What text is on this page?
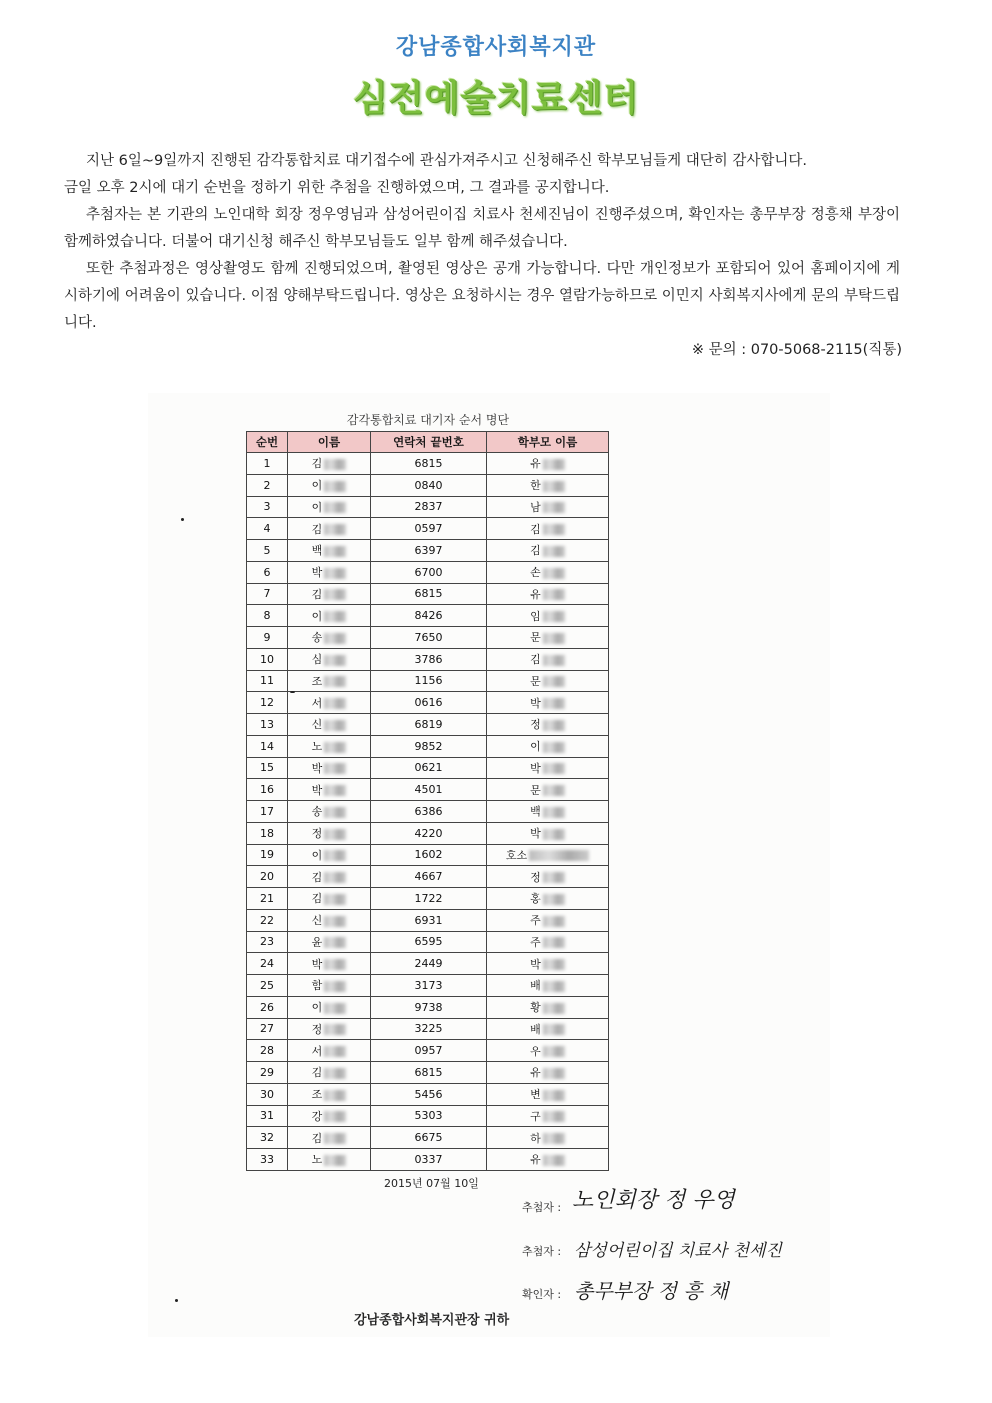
강남종합사회복지관
심전예술치료센터

지난 6일~9일까지 진행된 감각통합치료 대기접수에 관심가져주시고 신청해주신 학부모님들게 대단히 감사합니다.

금일 오후 2시에 대기 순번을 정하기 위한 추첨을 진행하였으며, 그 결과를 공지합니다.

추첨자는 본 기관의 노인대학 회장 정우영님과 삼성어린이집 치료사 천세진님이 진행주셨으며, 확인자는 총무부장 정흥채 부장이 함께하였습니다. 더불어 대기신청 해주신 학부모님들도 일부 함께 해주셨습니다.

또한 추첨과정은 영상촬영도 함께 진행되었으며, 촬영된 영상은 공개 가능합니다. 다만 개인정보가 포함되어 있어 홈페이지에 게시하기에 어려움이 있습니다. 이점 양해부탁드립니다. 영상은 요청하시는 경우 열람가능하므로 이민지 사회복지사에게 문의 부탁드립니다.

※ 문의 : 070-5068-2115(직통)
감각통합치료 대기자 순서 명단
순번	이름	연락처 끝번호	학부모 이름
1	김	6815	유
2	이	0840	한
3	이	2837	남
4	김	0597	김
5	백	6397	김
6	박	6700	손
7	김	6815	유
8	이	8426	임
9	송	7650	문
10	심	3786	김
11	조	1156	문
12	서	0616	박
13	신	6819	정
14	노	9852	이
15	박	0621	박
16	박	4501	문
17	송	6386	백
18	정	4220	박
19	이	1602	호소
20	김	4667	정
21	김	1722	홍
22	신	6931	주
23	윤	6595	주
24	박	2449	박
25	함	3173	배
26	이	9738	황
27	정	3225	배
28	서	0957	우
29	김	6815	유
30	조	5456	변
31	강	5303	구
32	김	6675	하
33	노	0337	유
2015년 07월 10일
추첨자 : 노인회장 정 우영
추첨자 : 삼성어린이집 치료사 천세진
확인자 : 총무부장 정 흥 채
강남종합사회복지관장 귀하
